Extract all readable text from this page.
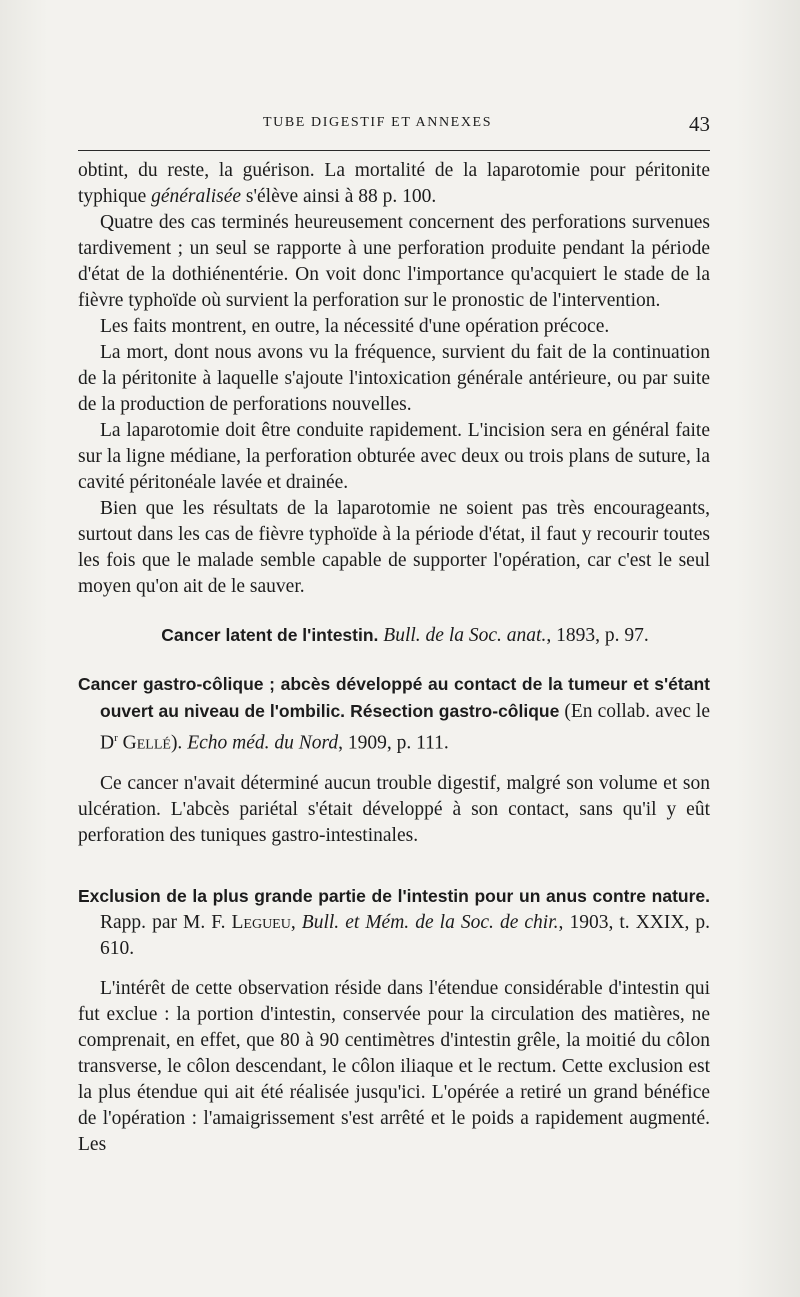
TUBE DIGESTIF ET ANNEXES	43

obtint, du reste, la guérison. La mortalité de la laparotomie pour péritonite typhique généralisée s'élève ainsi à 88 p. 100.

Quatre des cas terminés heureusement concernent des perforations survenues tardivement ; un seul se rapporte à une perforation produite pendant la période d'état de la dothiénentérie. On voit donc l'importance qu'acquiert le stade de la fièvre typhoïde où survient la perforation sur le pronostic de l'intervention.

Les faits montrent, en outre, la nécessité d'une opération précoce.

La mort, dont nous avons vu la fréquence, survient du fait de la continuation de la péritonite à laquelle s'ajoute l'intoxication générale antérieure, ou par suite de la production de perforations nouvelles.

La laparotomie doit être conduite rapidement. L'incision sera en général faite sur la ligne médiane, la perforation obturée avec deux ou trois plans de suture, la cavité péritonéale lavée et drainée.

Bien que les résultats de la laparotomie ne soient pas très encourageants, surtout dans les cas de fièvre typhoïde à la période d'état, il faut y recourir toutes les fois que le malade semble capable de supporter l'opération, car c'est le seul moyen qu'on ait de le sauver.

Cancer latent de l'intestin. Bull. de la Soc. anat., 1893, p. 97.

Cancer gastro-côlique ; abcès développé au contact de la tumeur et s'étant ouvert au niveau de l'ombilic. Résection gastro-côlique (En collab. avec le $D^r$ Gellé). Echo méd. du Nord, 1909, p. 111.

Ce cancer n'avait déterminé aucun trouble digestif, malgré son volume et son ulcération. L'abcès pariétal s'était développé à son contact, sans qu'il y eût perforation des tuniques gastro-intestinales.

Exclusion de la plus grande partie de l'intestin pour un anus contre nature. Rapp. par M. F. Legueu, Bull. et Mém. de la Soc. de chir., 1903, t. XXIX, p. 610.

L'intérêt de cette observation réside dans l'étendue considérable d'intestin qui fut exclue : la portion d'intestin, conservée pour la circulation des matières, ne comprenait, en effet, que 80 à 90 centimètres d'intestin grêle, la moitié du côlon transverse, le côlon descendant, le côlon iliaque et le rectum. Cette exclusion est la plus étendue qui ait été réalisée jusqu'ici. L'opérée a retiré un grand bénéfice de l'opération : l'amaigrissement s'est arrêté et le poids a rapidement augmenté. Les
